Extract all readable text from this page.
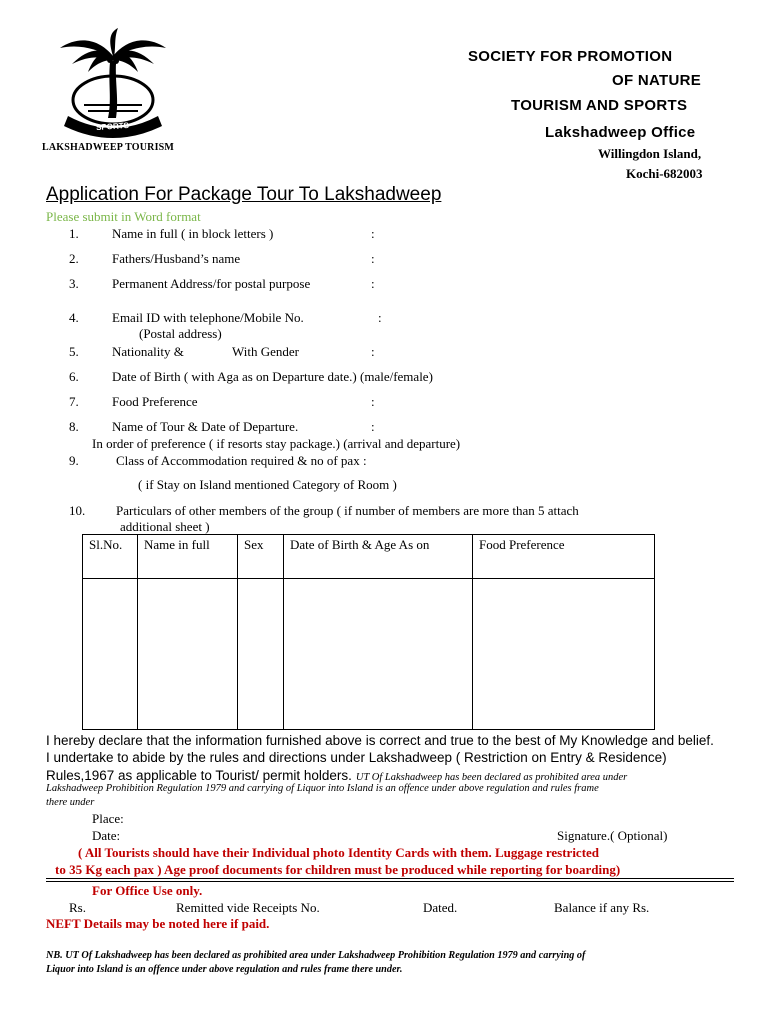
SPORTS
LAKSHADWEEP TOURISM
SOCIETY FOR PROMOTION
OF NATURE
TOURISM AND SPORTS
Lakshadweep Office
Willingdon Island,
Kochi-682003
Application For Package Tour To Lakshadweep
Please submit in Word format
1.	Name in full ( in block letters )	:
2.	Fathers/Husband’s name	:
3.	Permanent Address/for postal purpose	:
4.	Email ID with telephone/Mobile No.	:
(Postal address)
5.	Nationality &	With Gender	:
6.	Date of Birth ( with Aga as on Departure date.) (male/female)
7.	Food Preference	:
8.	Name of Tour & Date of Departure.	:
In order of preference ( if resorts stay package.) (arrival and departure)
9.	Class of Accommodation required & no of pax :
( if Stay on Island mentioned Category of Room )
10. Particulars of other members of the group ( if number of members are more than 5 attach
additional sheet )
Sl.No.	Name in full	Sex	Date of Birth & Age As on	Food Preference

I hereby declare that the information furnished above is correct and true to the best of My Knowledge and belief.
I undertake to abide by the rules and directions under Lakshadweep ( Restriction on Entry & Residence)
Rules,1967 as applicable to Tourist/ permit holders. UT Of Lakshadweep has been declared as prohibited area under
Lakshadweep Prohibition Regulation 1979 and carrying of Liquor into Island is an offence under above regulation and rules frame
there under
Place:
Date:	Signature.( Optional)
( All Tourists should have their Individual photo Identity Cards with them. Luggage restricted
to 35 Kg each pax ) Age proof documents for children must be produced while reporting for boarding)
For Office Use only.
Rs.	Remitted vide Receipts No.	Dated.	Balance if any Rs.
NEFT Details may be noted here if paid.
NB. UT Of Lakshadweep has been declared as prohibited area under Lakshadweep Prohibition Regulation 1979 and carrying of
Liquor into Island is an offence under above regulation and rules frame there under.
